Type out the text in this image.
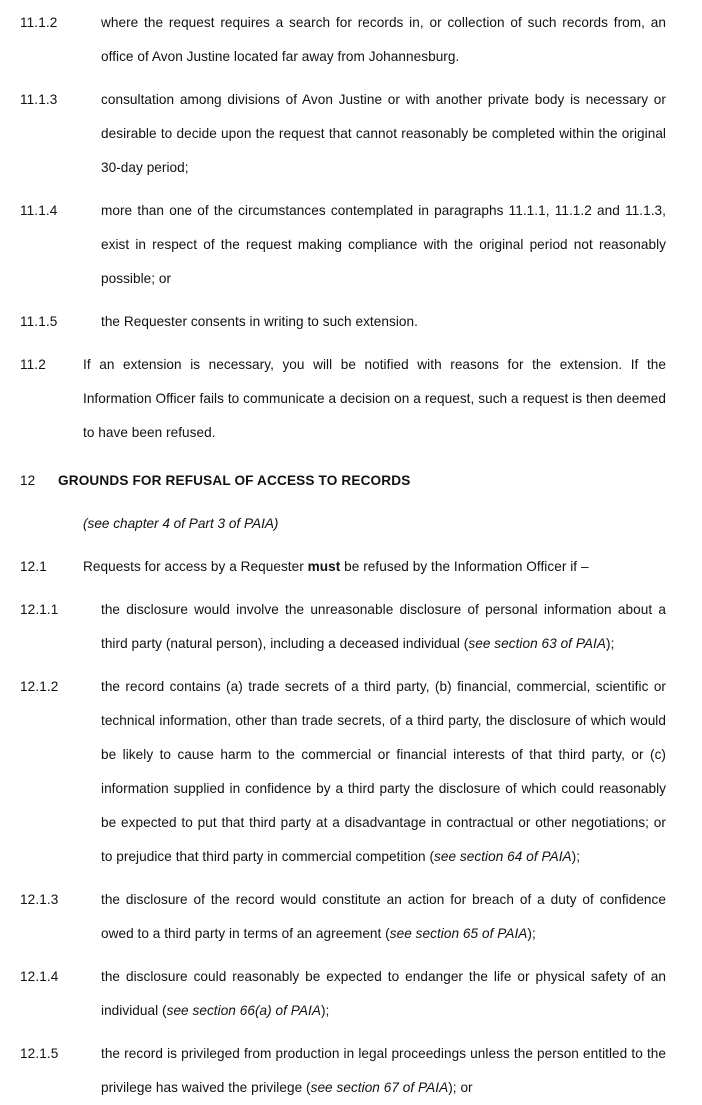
11.1.2	where the request requires a search for records in, or collection of such records from, an office of Avon Justine located far away from Johannesburg.
11.1.3	consultation among divisions of Avon Justine or with another private body is necessary or desirable to decide upon the request that cannot reasonably be completed within the original 30-day period;
11.1.4	more than one of the circumstances contemplated in paragraphs 11.1.1, 11.1.2 and 11.1.3, exist in respect of the request making compliance with the original period not reasonably possible; or
11.1.5	the Requester consents in writing to such extension.
11.2	If an extension is necessary, you will be notified with reasons for the extension. If the Information Officer fails to communicate a decision on a request, such a request is then deemed to have been refused.
12	GROUNDS FOR REFUSAL OF ACCESS TO RECORDS
(see chapter 4 of Part 3 of PAIA)
12.1	Requests for access by a Requester must be refused by the Information Officer if –
12.1.1	the disclosure would involve the unreasonable disclosure of personal information about a third party (natural person), including a deceased individual (see section 63 of PAIA);
12.1.2	the record contains (a) trade secrets of a third party, (b) financial, commercial, scientific or technical information, other than trade secrets, of a third party, the disclosure of which would be likely to cause harm to the commercial or financial interests of that third party, or (c) information supplied in confidence by a third party the disclosure of which could reasonably be expected to put that third party at a disadvantage in contractual or other negotiations; or to prejudice that third party in commercial competition (see section 64 of PAIA);
12.1.3	the disclosure of the record would constitute an action for breach of a duty of confidence owed to a third party in terms of an agreement (see section 65 of PAIA);
12.1.4	the disclosure could reasonably be expected to endanger the life or physical safety of an individual (see section 66(a) of PAIA);
12.1.5	the record is privileged from production in legal proceedings unless the person entitled to the privilege has waived the privilege (see section 67 of PAIA); or
